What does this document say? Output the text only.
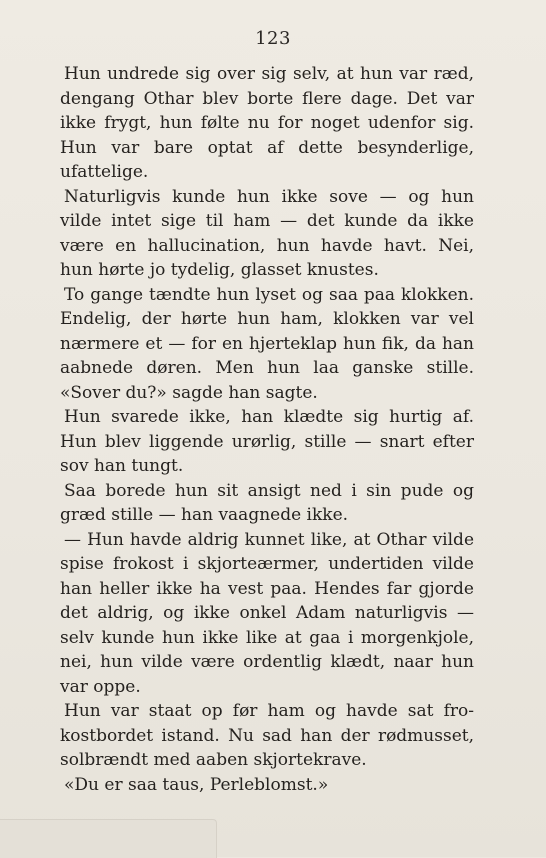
123

Hun undrede sig over sig selv, at hun var ræd, dengang Othar blev borte flere dage. Det var ikke frygt, hun følte nu for noget udenfor sig. Hun var bare optat af dette besynderlige, ufattelige.

Naturligvis kunde hun ikke sove — og hun vilde intet sige til ham — det kunde da ikke være en hallucination, hun havde havt. Nei, hun hørte jo tydelig, glasset knustes.

To gange tændte hun lyset og saa paa klokken. Endelig, der hørte hun ham, klokken var vel nærmere et — for en hjerteklap hun fik, da han aabnede døren. Men hun laa ganske stille. «Sover du?» sagde han sagte.

Hun svarede ikke, han klædte sig hurtig af. Hun blev liggende urørlig, stille — snart efter sov han tungt.

Saa borede hun sit ansigt ned i sin pude og græd stille — han vaagnede ikke.

— Hun havde aldrig kunnet like, at Othar vilde spise frokost i skjorteærmer, undertiden vilde han heller ikke ha vest paa. Hendes far gjorde det aldrig, og ikke onkel Adam naturligvis — selv kunde hun ikke like at gaa i morgenkjole, nei, hun vilde være ordentlig klædt, naar hun var oppe.

Hun var staat op før ham og havde sat frokostbordet istand. Nu sad han der rødmusset, solbrændt med aaben skjortekrave.

«Du er saa taus, Perleblomst.»
